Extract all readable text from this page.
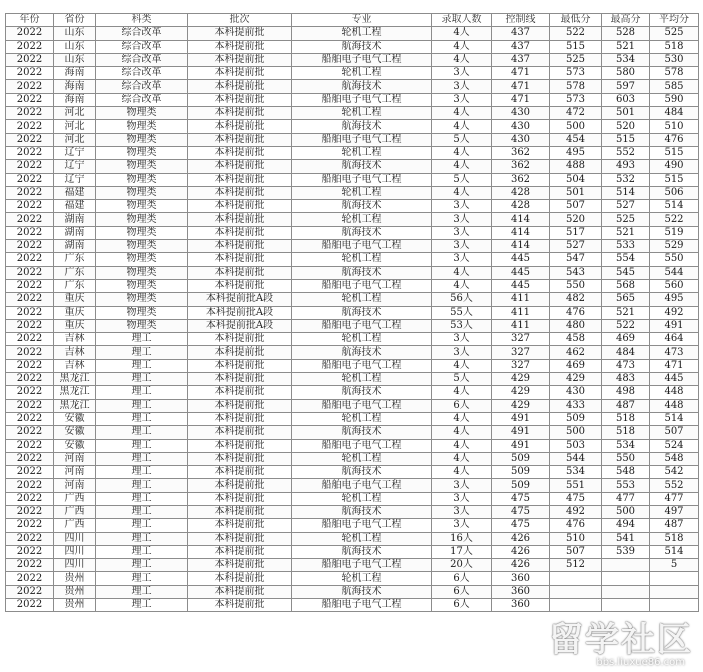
年份	省份	科类	批次	专业	录取人数	控制线	最低分	最高分	平均分
2022	山东	综合改革	本科提前批	轮机工程	4人	437	522	528	525
2022	山东	综合改革	本科提前批	航海技术	4人	437	515	521	518
2022	山东	综合改革	本科提前批	船舶电子电气工程	4人	437	525	534	530
2022	海南	综合改革	本科提前批	轮机工程	3人	471	573	580	578
2022	海南	综合改革	本科提前批	航海技术	3人	471	578	597	585
2022	海南	综合改革	本科提前批	船舶电子电气工程	3人	471	573	603	590
2022	河北	物理类	本科提前批	轮机工程	4人	430	472	501	484
2022	河北	物理类	本科提前批	航海技术	4人	430	500	520	510
2022	河北	物理类	本科提前批	船舶电子电气工程	5人	430	454	515	476
2022	辽宁	物理类	本科提前批	轮机工程	4人	362	495	552	515
2022	辽宁	物理类	本科提前批	航海技术	4人	362	488	493	490
2022	辽宁	物理类	本科提前批	船舶电子电气工程	5人	362	504	532	515
2022	福建	物理类	本科提前批	轮机工程	4人	428	501	514	506
2022	福建	物理类	本科提前批	航海技术	3人	428	507	527	514
2022	湖南	物理类	本科提前批	轮机工程	3人	414	520	525	522
2022	湖南	物理类	本科提前批	航海技术	3人	414	517	521	519
2022	湖南	物理类	本科提前批	船舶电子电气工程	3人	414	527	533	529
2022	广东	物理类	本科提前批	轮机工程	3人	445	547	554	550
2022	广东	物理类	本科提前批	航海技术	4人	445	543	545	544
2022	广东	物理类	本科提前批	船舶电子电气工程	4人	445	550	568	560
2022	重庆	物理类	本科提前批A段	轮机工程	56人	411	482	565	495
2022	重庆	物理类	本科提前批A段	航海技术	55人	411	476	521	492
2022	重庆	物理类	本科提前批A段	船舶电子电气工程	53人	411	480	522	491
2022	吉林	理工	本科提前批	轮机工程	3人	327	458	469	464
2022	吉林	理工	本科提前批	航海技术	3人	327	462	484	473
2022	吉林	理工	本科提前批	船舶电子电气工程	4人	327	469	473	471
2022	黑龙江	理工	本科提前批	轮机工程	5人	429	429	483	445
2022	黑龙江	理工	本科提前批	航海技术	4人	429	430	498	448
2022	黑龙江	理工	本科提前批	船舶电子电气工程	6人	429	433	487	448
2022	安徽	理工	本科提前批	轮机工程	4人	491	509	518	514
2022	安徽	理工	本科提前批	航海技术	4人	491	500	518	507
2022	安徽	理工	本科提前批	船舶电子电气工程	4人	491	503	534	524
2022	河南	理工	本科提前批	轮机工程	4人	509	544	550	548
2022	河南	理工	本科提前批	航海技术	4人	509	534	548	542
2022	河南	理工	本科提前批	船舶电子电气工程	3人	509	551	553	552
2022	广西	理工	本科提前批	轮机工程	3人	475	475	477	477
2022	广西	理工	本科提前批	航海技术	3人	475	492	500	497
2022	广西	理工	本科提前批	船舶电子电气工程	3人	475	476	494	487
2022	四川	理工	本科提前批	轮机工程	16人	426	510	541	518
2022	四川	理工	本科提前批	航海技术	17人	426	507	539	514
2022	四川	理工	本科提前批	船舶电子电气工程	20人	426	512		5
2022	贵州	理工	本科提前批	轮机工程	6人	360			
2022	贵州	理工	本科提前批	航海技术	6人	360			
2022	贵州	理工	本科提前批	船舶电子电气工程	6人	360			
留学社区
bbs.liuxue86.com
